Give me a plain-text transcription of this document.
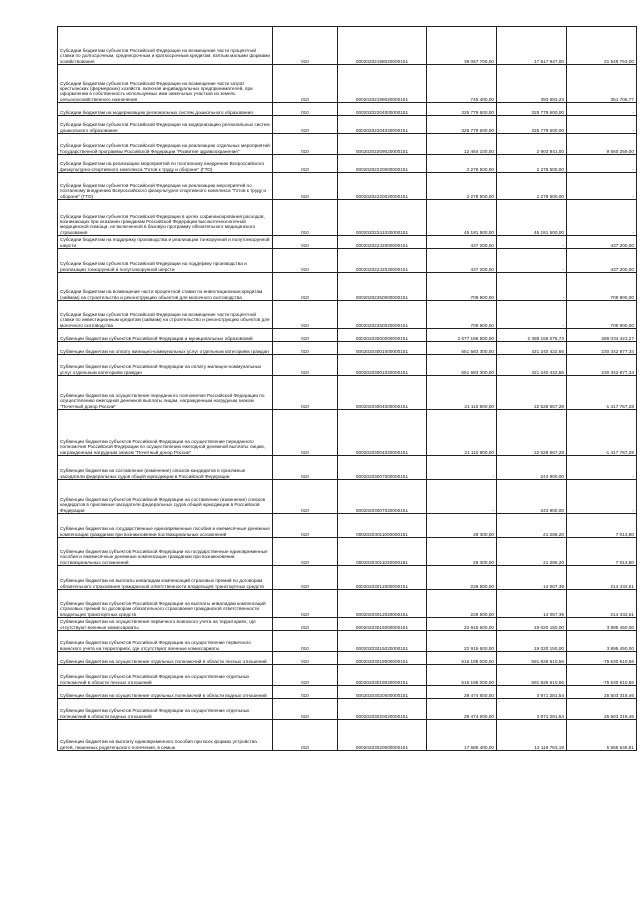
Субсидии бюджетам субъектов Российской Федерации на возмещение части процентной ставки по долгосрочным, среднесрочным и краткосрочным кредитам, взятым малыми формами хозяйствования	010	00020202198020000151	39 067 700,00	17 517 947,00	21 549 753,00
Субсидии бюджетам субъектов Российской Федерации на возмещение части затрат крестьянских (фермерских) хозяйств, включая индивидуальных предпринимателей, при оформлении в собственность используемых ими земельных участков из земель сельскохозяйственного назначения	010	00020202199020000151	745 400,00	393 693,23	351 706,77
Субсидии бюджетам на модернизацию региональных систем дошкольного образования	010	00020202204000000151	325 779 600,00	325 779 600,00	-
Субсидии бюджетам субъектов Российской Федерации на модернизацию региональных систем дошкольного образования	010	00020202204020000151	325 779 600,00	325 779 600,00	-
Субсидии бюджетам субъектов Российской Федерации на реализацию отдельных мероприятий Государственной программы Российской Федерации "Развитие здравоохранения"	010	00020202209020000151	12 464 100,00	2 903 841,00	9 560 259,00
Субсидии бюджетам на реализацию мероприятий по поэтапному внедрению Всероссийского физкультурно-спортивного комплекса "Готов к труду и обороне" (ГТО)	010	00020202220000000151	2 278 500,00	2 278 500,00	-
Субсидии бюджетам субъектов Российской Федерации на реализацию мероприятий по поэтапному внедрению Всероссийского физкультурно-спортивного комплекса "Готов к труду и обороне" (ГТО)	010	00020202220020000151	2 278 500,00	2 278 500,00	-
Субсидии бюджетам субъектов Российской Федерации в целях софинансирования расходов, возникающих при оказании гражданам Российской Федерации высокотехнологичной медицинской помощи, не включенной в базовую программу обязательного медицинского страхования	010	00020202241020000151	45 181 500,00	45 181 500,00	-
Субсидии бюджетам на поддержку производства и реализации тонкорунной и полутонкорунной шерсти	010	00020202242000000151	437 200,00	-	437 200,00
Субсидии бюджетам субъектов Российской Федерации на поддержку производства и реализации тонкорунной и полутонкорунной шерсти	010	00020202242020000151	437 200,00	-	437 200,00
Субсидии бюджетам на возмещение части процентной ставки по инвестиционным кредитам (займам) на строительство и реконструкцию объектов для молочного скотоводства	010	00020202250000000151	709 900,00	-	709 900,00
Субсидии бюджетам субъектов Российской Федерации на возмещение части процентной ставки по инвестиционным кредитам (займам) на строительство и реконструкцию объектов для молочного скотоводства	010	00020202250020000151	709 900,00	-	709 900,00
Субвенции бюджетам субъектов Российской Федерации и муниципальных образований	010	00020203000000000151	2 677 186 500,00	2 388 155 076,73	289 034 423,27
Субвенции бюджетам на оплату жилищно-коммунальных услуг отдельным категориям граждан	010	00020203001000000151	651 583 300,00	421 240 422,66	230 342 877,34
Субвенции бюджетам субъектов Российской Федерации на оплату жилищно-коммунальных услуг отдельным категориям граждан	010	00020203001020000151	651 583 300,00	421 240 422,66	230 342 877,34
Субвенции бюджетам на осуществление переданного полномочия Российской Федерации по осуществлению ежегодной денежной выплаты лицам, награжденным нагрудным знаком "Почетный донор России"	010	00020203004000000151	21 110 800,00	22 528 567,28	-1 417 767,28
Субвенции бюджетам субъектов Российской Федерации на осуществление переданного полномочия Российской Федерации по осуществлению ежегодной денежной выплаты лицам, награжденным нагрудным знаком "Почетный донор России"	010	00020203004020000151	21 110 800,00	22 528 567,28	-1 417 767,28
Субвенции бюджетам на составление (изменение) списков кандидатов в присяжные заседатели федеральных судов общей юрисдикции в Российской Федерации	010	00020203007000000151	-	243 900,00	-
Субвенции бюджетам субъектов Российской Федерации на составление (изменение) списков кандидатов в присяжные заседатели федеральных судов общей юрисдикции в Российской Федерации	010	00020203007020000151	-	243 900,00	-
Субвенции бюджетам на государственные единовременные пособия и ежемесячные денежные компенсации гражданам при возникновении поствакцинальных осложнений	010	00020203011000000151	28 300,00	21 286,20	7 013,80
Субвенции бюджетам субъектов Российской Федерации на государственные единовременные пособия и ежемесячные денежные компенсации гражданам при возникновении поствакцинальных осложнений	010	00020203011020000151	28 300,00	21 286,20	7 013,80
Субвенции бюджетам на выплаты инвалидам компенсаций страховых премий по договорам обязательного страхования гражданской ответственности владельцев транспортных средств	010	00020203012000000151	228 500,00	14 067,39	214 432,61
Субвенции бюджетам субъектов Российской Федерации на выплаты инвалидам компенсаций страховых премий по договорам обязательного страхования гражданской ответственности владельцев транспортных средств	010	00020203012020000151	228 500,00	14 067,39	214 432,61
Субвенции бюджетам на осуществление первичного воинского учета на территориях, где отсутствуют военные комиссариаты	010	00020203015000000151	22 915 600,00	19 020 150,00	3 895 450,00
Субвенции бюджетам субъектов Российской Федерации на осуществление первичного воинского учета на территориях, где отсутствуют военные комиссариаты	010	00020203015020000151	22 915 600,00	19 020 150,00	3 895 450,00
Субвенции бюджетам на осуществление отдельных полномочий в области лесных отношений	010	00020203019000000151	516 195 000,00	591 825 610,56	-75 630 610,56
Субвенции бюджетам субъектов Российской Федерации на осуществление отдельных полномочий в области лесных отношений	010	00020203019020000151	516 195 000,00	591 825 610,56	-75 630 610,56
Субвенции бюджетам на осуществление отдельных полномочий в области водных отношений	010	00020203020000000151	29 474 600,00	3 971 281,54	25 503 318,46
Субвенции бюджетам субъектов Российской Федерации на осуществление отдельных полномочий в области водных отношений	010	00020203020020000151	29 474 600,00	3 971 281,54	25 503 318,46
Субвенции бюджетам на выплату единовременного пособия при всех формах устройства детей, лишенных родительского попечения, в семью	010	00020203020000000151	17 685 400,00	12 119 753,19	5 565 646,81
